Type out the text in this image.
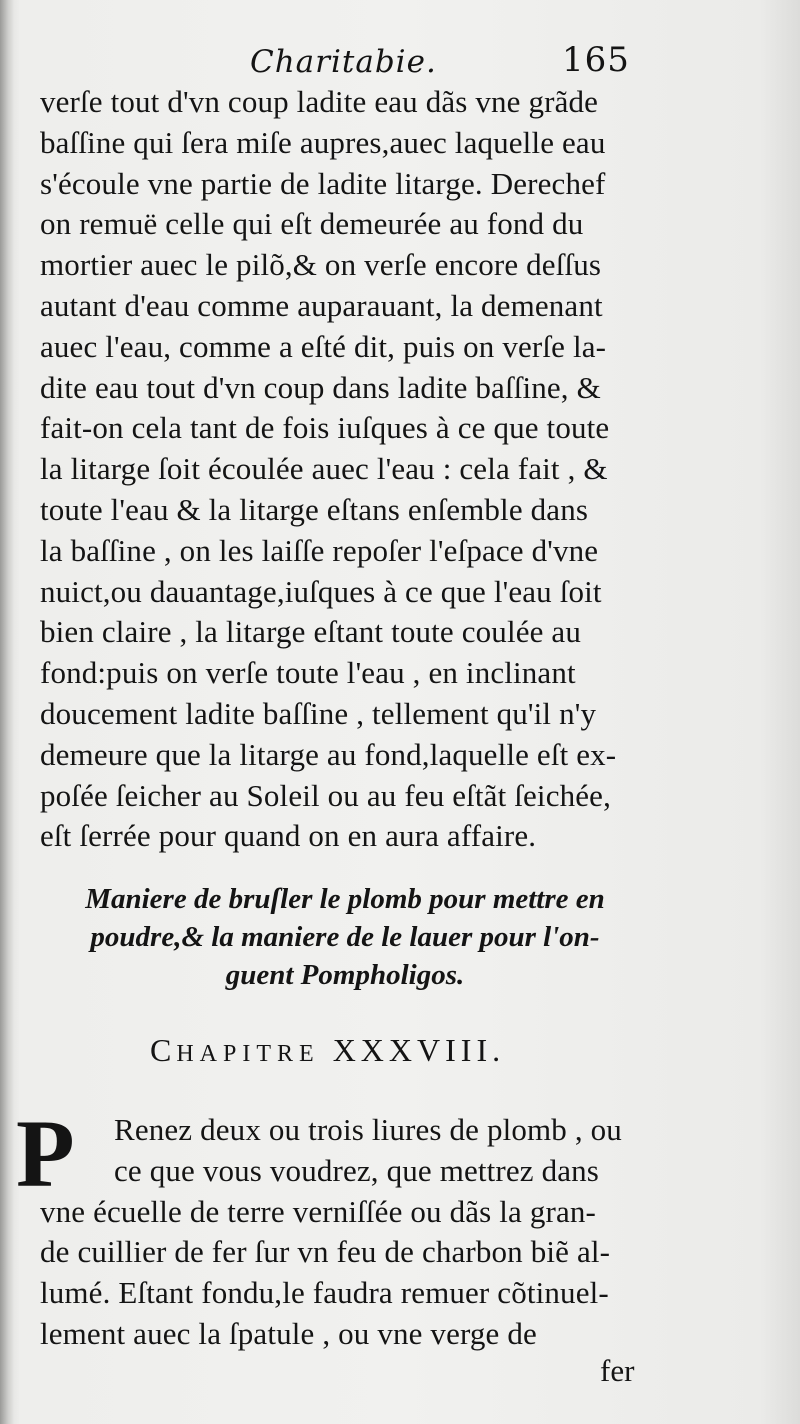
Charitabie.	165
verſe tout d'vn coup ladite eau dãs vne grãde
baſſine qui ſera miſe aupres,auec laquelle eau
s'écoule vne partie de ladite litarge. Derechef
on remuë celle qui eſt demeurée au fond du
mortier auec le pilõ,& on verſe encore deſſus
autant d'eau comme auparauant, la demenant
auec l'eau, comme a eſté dit, puis on verſe la-
dite eau tout d'vn coup dans ladite baſſine, &
fait-on cela tant de fois iuſques à ce que toute
la litarge ſoit écoulée auec l'eau : cela fait , &
toute l'eau & la litarge eſtans enſemble dans
la baſſine , on les laiſſe repoſer l'eſpace d'vne
nuict,ou dauantage,iuſques à ce que l'eau ſoit
bien claire , la litarge eſtant toute coulée au
fond:puis on verſe toute l'eau , en inclinant
doucement ladite baſſine , tellement qu'il n'y
demeure que la litarge au fond,laquelle eſt ex-
poſée ſeicher au Soleil ou au feu eſtãt ſeichée,
eſt ſerrée pour quand on en aura affaire.
Maniere de bruſler le plomb pour mettre en
poudre,& la maniere de le lauer pour l'on-
guent Pompholigos.
CHAPITRE XXXVIII.
P	Renez deux ou trois liures de plomb , ou
ce que vous voudrez, que mettrez dans
vne écuelle de terre verniſſée ou dãs la gran-
de cuillier de fer ſur vn feu de charbon biẽ al-
lumé. Eſtant fondu,le faudra remuer cõtinuel-
lement auec la ſpatule , ou vne verge de
fer
